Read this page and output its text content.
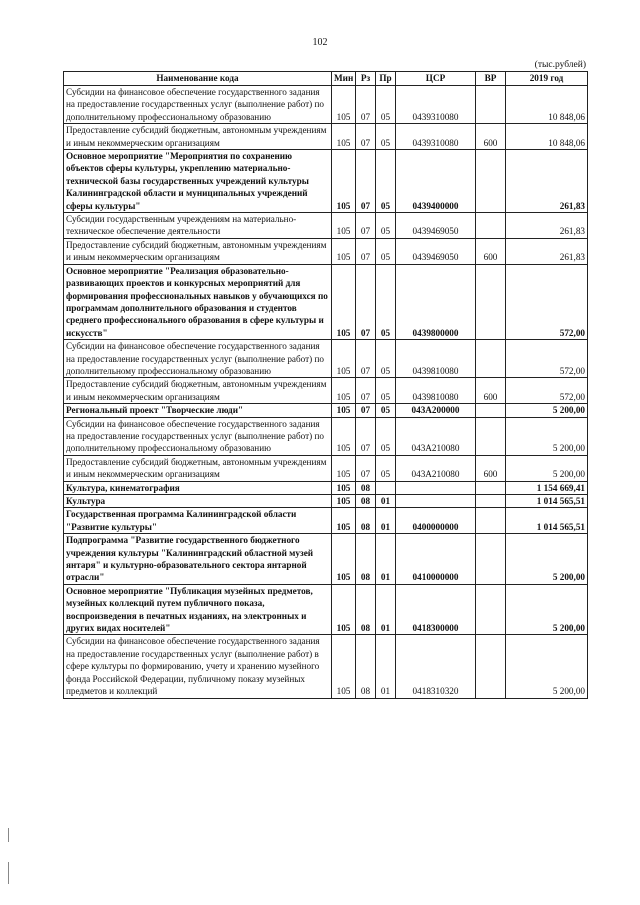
102
(тыс.рублей)
Наименование кода	Мин	Рз	Пр	ЦСР	ВР	2019 год
Субсидии на финансовое обеспечение государственного задания на предоставление государственных услуг (выполнение работ) по дополнительному профессиональному образованию	105	07	05	0439310080		10 848,06
Предоставление субсидий бюджетным, автономным учреждениям и иным некоммерческим организациям	105	07	05	0439310080	600	10 848,06
Основное мероприятие "Мероприятия по сохранению объектов сферы культуры, укреплению материально-технической базы государственных учреждений культуры Калининградской области и муниципальных учреждений сферы культуры"	105	07	05	0439400000		261,83
Субсидии государственным учреждениям на материально-техническое обеспечение деятельности	105	07	05	0439469050		261,83
Предоставление субсидий бюджетным, автономным учреждениям и иным некоммерческим организациям	105	07	05	0439469050	600	261,83
Основное мероприятие "Реализация образовательно-развивающих проектов и конкурсных мероприятий для формирования профессиональных навыков у обучающихся по программам дополнительного образования и студентов среднего профессионального образования в сфере культуры и искусств"	105	07	05	0439800000		572,00
Субсидии на финансовое обеспечение государственного задания на предоставление государственных услуг (выполнение работ) по дополнительному профессиональному образованию	105	07	05	0439810080		572,00
Предоставление субсидий бюджетным, автономным учреждениям и иным некоммерческим организациям	105	07	05	0439810080	600	572,00
Региональный проект "Творческие люди"	105	07	05	043А200000		5 200,00
Субсидии на финансовое обеспечение государственного задания на предоставление государственных услуг (выполнение работ) по дополнительному профессиональному образованию	105	07	05	043А210080		5 200,00
Предоставление субсидий бюджетным, автономным учреждениям и иным некоммерческим организациям	105	07	05	043А210080	600	5 200,00
Культура, кинематография	105	08				1 154 669,41
Культура	105	08	01			1 014 565,51
Государственная программа Калининградской области "Развитие культуры"	105	08	01	0400000000		1 014 565,51
Подпрограмма "Развитие государственного бюджетного учреждения культуры "Калининградский областной музей янтаря" и культурно-образовательного сектора янтарной отрасли"	105	08	01	0410000000		5 200,00
Основное мероприятие "Публикация музейных предметов, музейных коллекций путем публичного показа, воспроизведения в печатных изданиях, на электронных и других видах носителей"	105	08	01	0418300000		5 200,00
Субсидии на финансовое обеспечение государственного задания на предоставление государственных услуг (выполнение работ) в сфере культуры по формированию, учету и хранению музейного фонда Российской Федерации, публичному показу музейных предметов и коллекций	105	08	01	0418310320		5 200,00
